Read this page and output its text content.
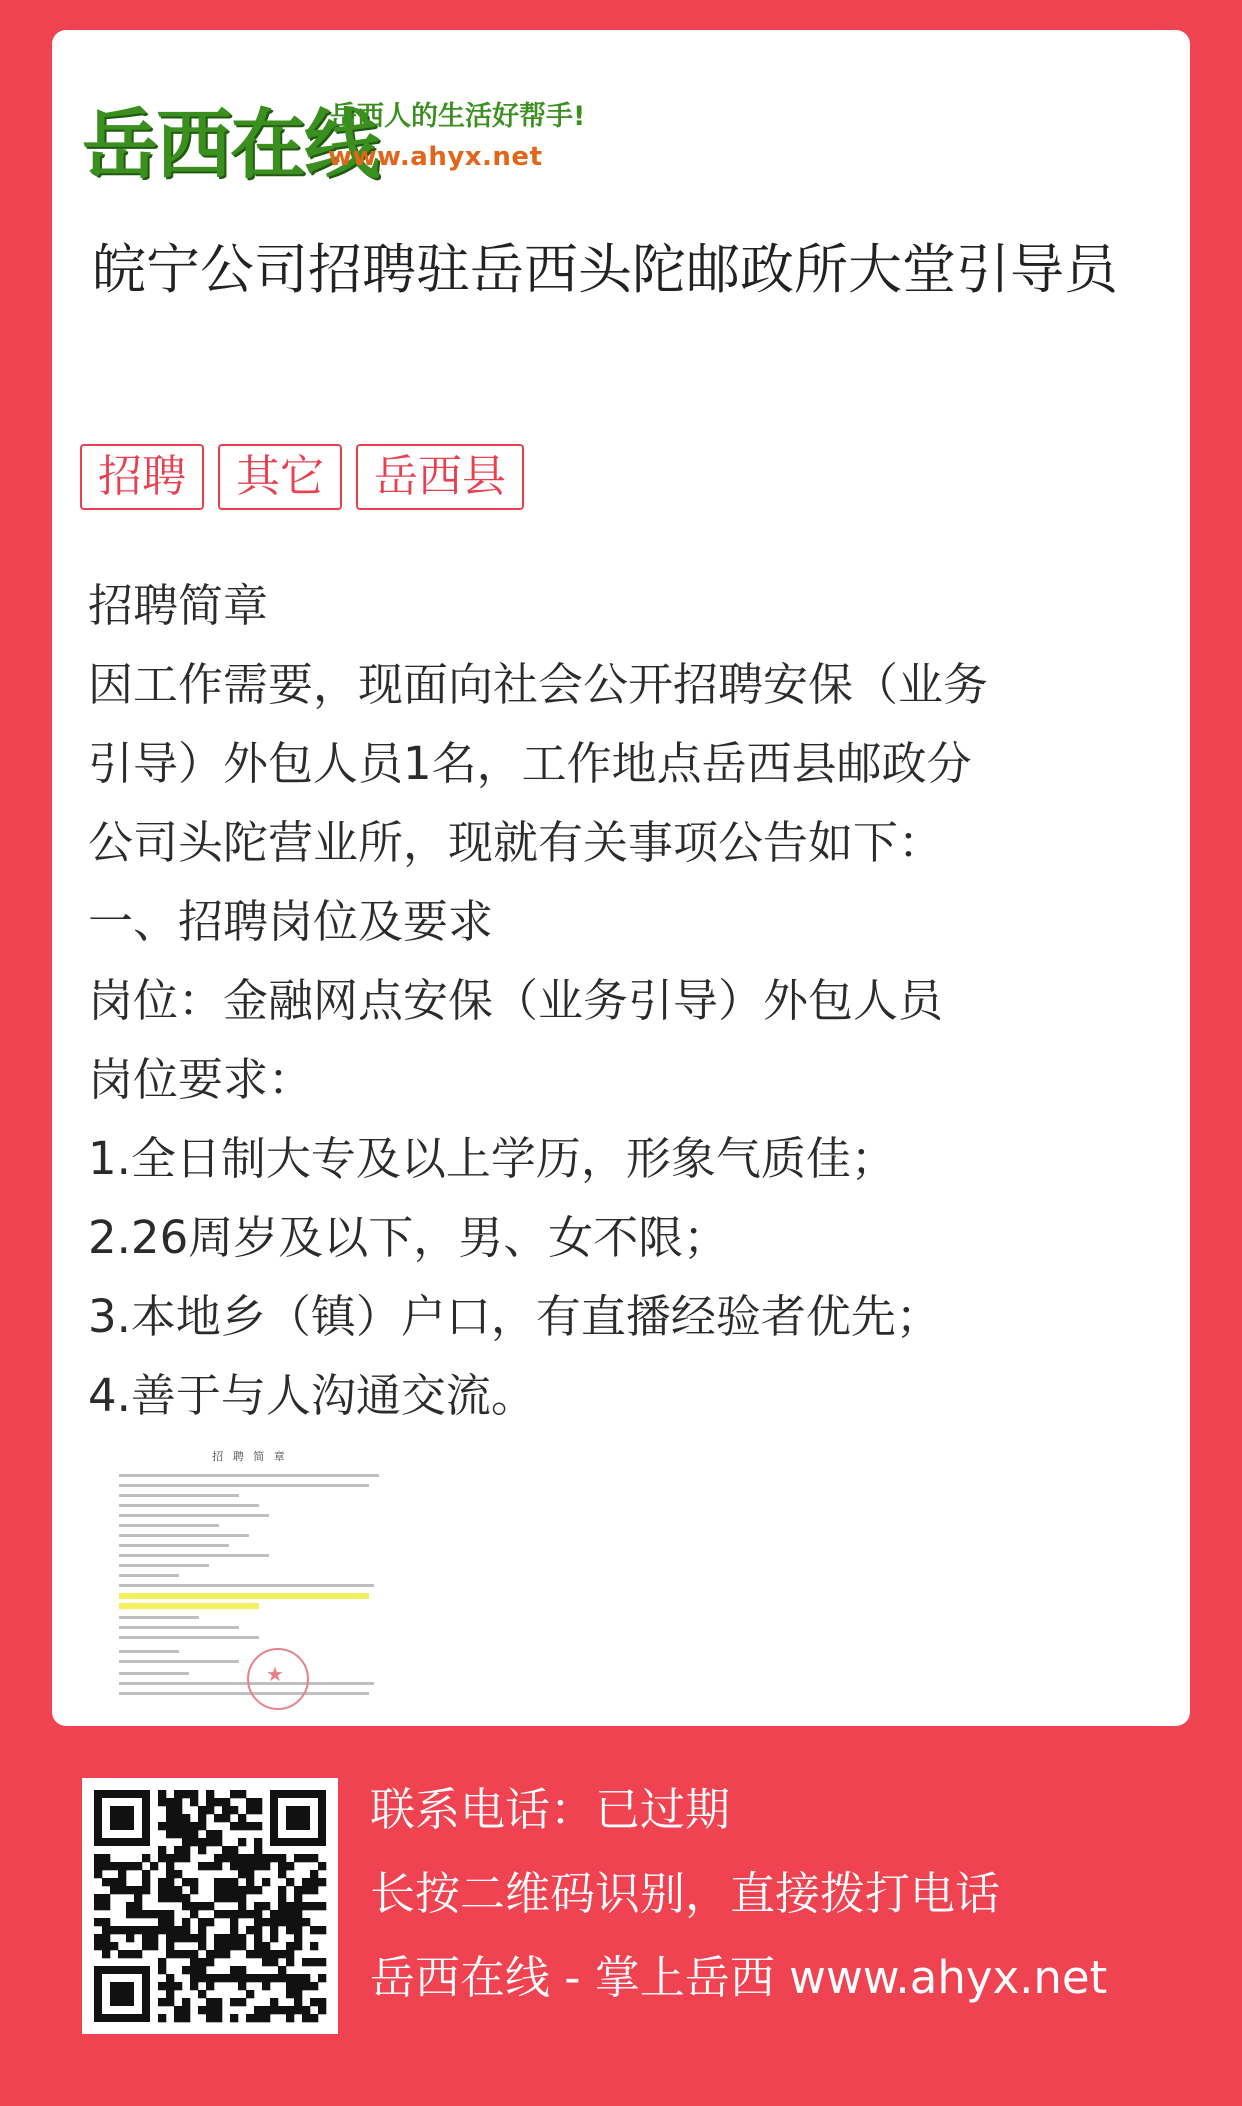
岳西在线
岳西人的生活好帮手!
www.ahyx.net
皖宁公司招聘驻岳西头陀邮政所大堂引导员
招聘	其它	岳西县
招聘简章
因工作需要，现面向社会公开招聘安保（业务
引导）外包人员1名，工作地点岳西县邮政分
公司头陀营业所，现就有关事项公告如下：
一、招聘岗位及要求
岗位：金融网点安保（业务引导）外包人员
岗位要求：
1.全日制大专及以上学历，形象气质佳；
2.26周岁及以下，男、女不限；
3.本地乡（镇）户口，有直播经验者优先；
4.善于与人沟通交流。
招 聘 简 章
★
联系电话：已过期
长按二维码识别，直接拨打电话
岳西在线 - 掌上岳西 www.ahyx.net
